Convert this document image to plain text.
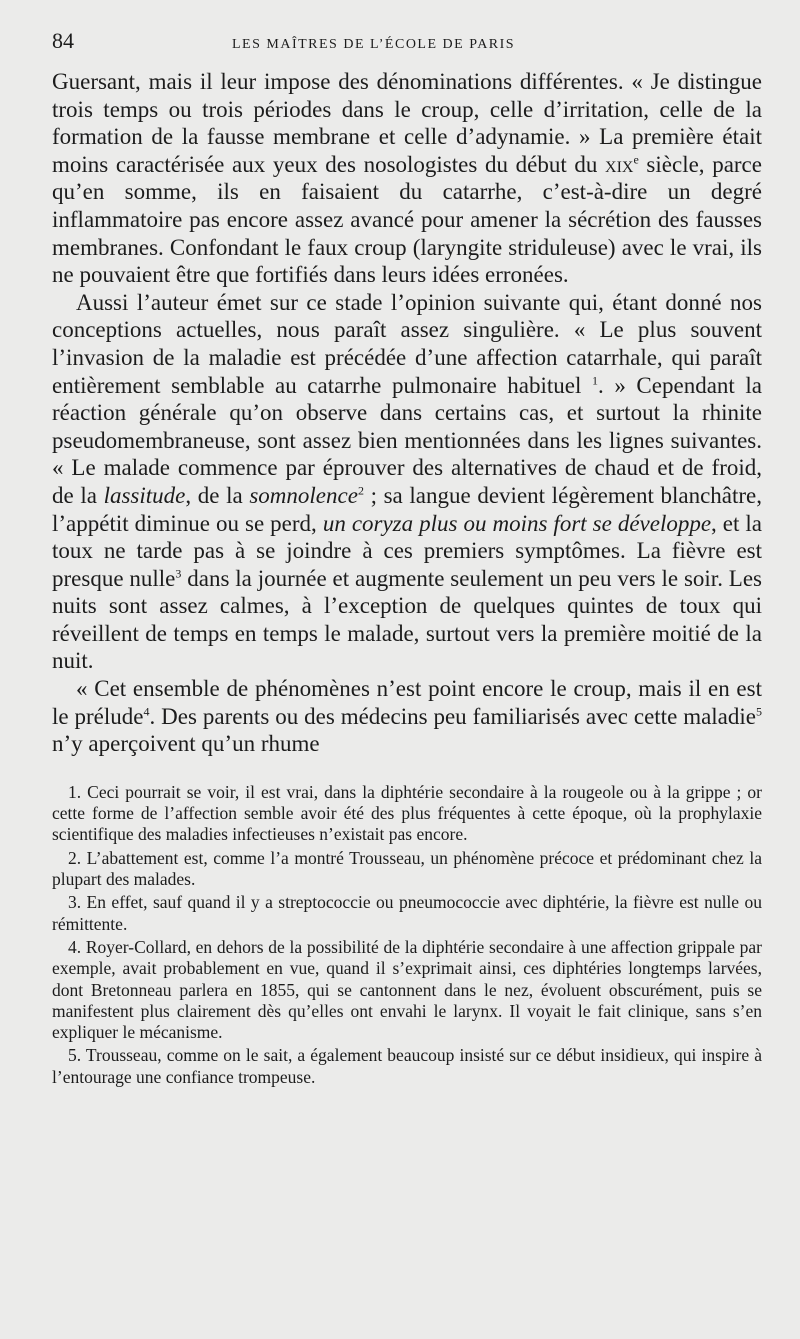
84	LES MAÎTRES DE L’ÉCOLE DE PARIS

Guersant, mais il leur impose des dénominations différentes. « Je distingue trois temps ou trois périodes dans le croup, celle d’irritation, celle de la formation de la fausse membrane et celle d’adynamie. » La première était moins caractérisée aux yeux des nosologistes du début du xix$^e$ siècle, parce qu’en somme, ils en faisaient du catarrhe, c’est-à-dire un degré inflammatoire pas encore assez avancé pour amener la sécrétion des fausses membranes. Confondant le faux croup (laryngite striduleuse) avec le vrai, ils ne pouvaient être que fortifiés dans leurs idées erronées.

Aussi l’auteur émet sur ce stade l’opinion suivante qui, étant donné nos conceptions actuelles, nous paraît assez singulière. « Le plus souvent l’invasion de la maladie est précédée d’une affection catarrhale, qui paraît entièrement semblable au catarrhe pulmonaire habituel $^1$. » Cependant la réaction générale qu’on observe dans certains cas, et surtout la rhinite pseudomembraneuse, sont assez bien mentionnées dans les lignes suivantes. « Le malade commence par éprouver des alternatives de chaud et de froid, de la lassitude, de la somnolence$^2$ ; sa langue devient légèrement blanchâtre, l’appétit diminue ou se perd, un coryza plus ou moins fort se développe, et la toux ne tarde pas à se joindre à ces premiers symptômes. La fièvre est presque nulle$^3$ dans la journée et augmente seulement un peu vers le soir. Les nuits sont assez calmes, à l’exception de quelques quintes de toux qui réveillent de temps en temps le malade, surtout vers la première moitié de la nuit.

« Cet ensemble de phénomènes n’est point encore le croup, mais il en est le prélude$^4$. Des parents ou des médecins peu familiarisés avec cette maladie$^5$ n’y aperçoivent qu’un rhume

1. Ceci pourrait se voir, il est vrai, dans la diphtérie secondaire à la rougeole ou à la grippe ; or cette forme de l’affection semble avoir été des plus fréquentes à cette époque, où la prophylaxie scientifique des maladies infectieuses n’existait pas encore.

2. L’abattement est, comme l’a montré Trousseau, un phénomène précoce et prédominant chez la plupart des malades.

3. En effet, sauf quand il y a streptococcie ou pneumococcie avec diphtérie, la fièvre est nulle ou rémittente.

4. Royer-Collard, en dehors de la possibilité de la diphtérie secondaire à une affection grippale par exemple, avait probablement en vue, quand il s’exprimait ainsi, ces diphtéries longtemps larvées, dont Bretonneau parlera en 1855, qui se cantonnent dans le nez, évoluent obscurément, puis se manifestent plus clairement dès qu’elles ont envahi le larynx. Il voyait le fait clinique, sans s’en expliquer le mécanisme.

5. Trousseau, comme on le sait, a également beaucoup insisté sur ce début insidieux, qui inspire à l’entourage une confiance trompeuse.
